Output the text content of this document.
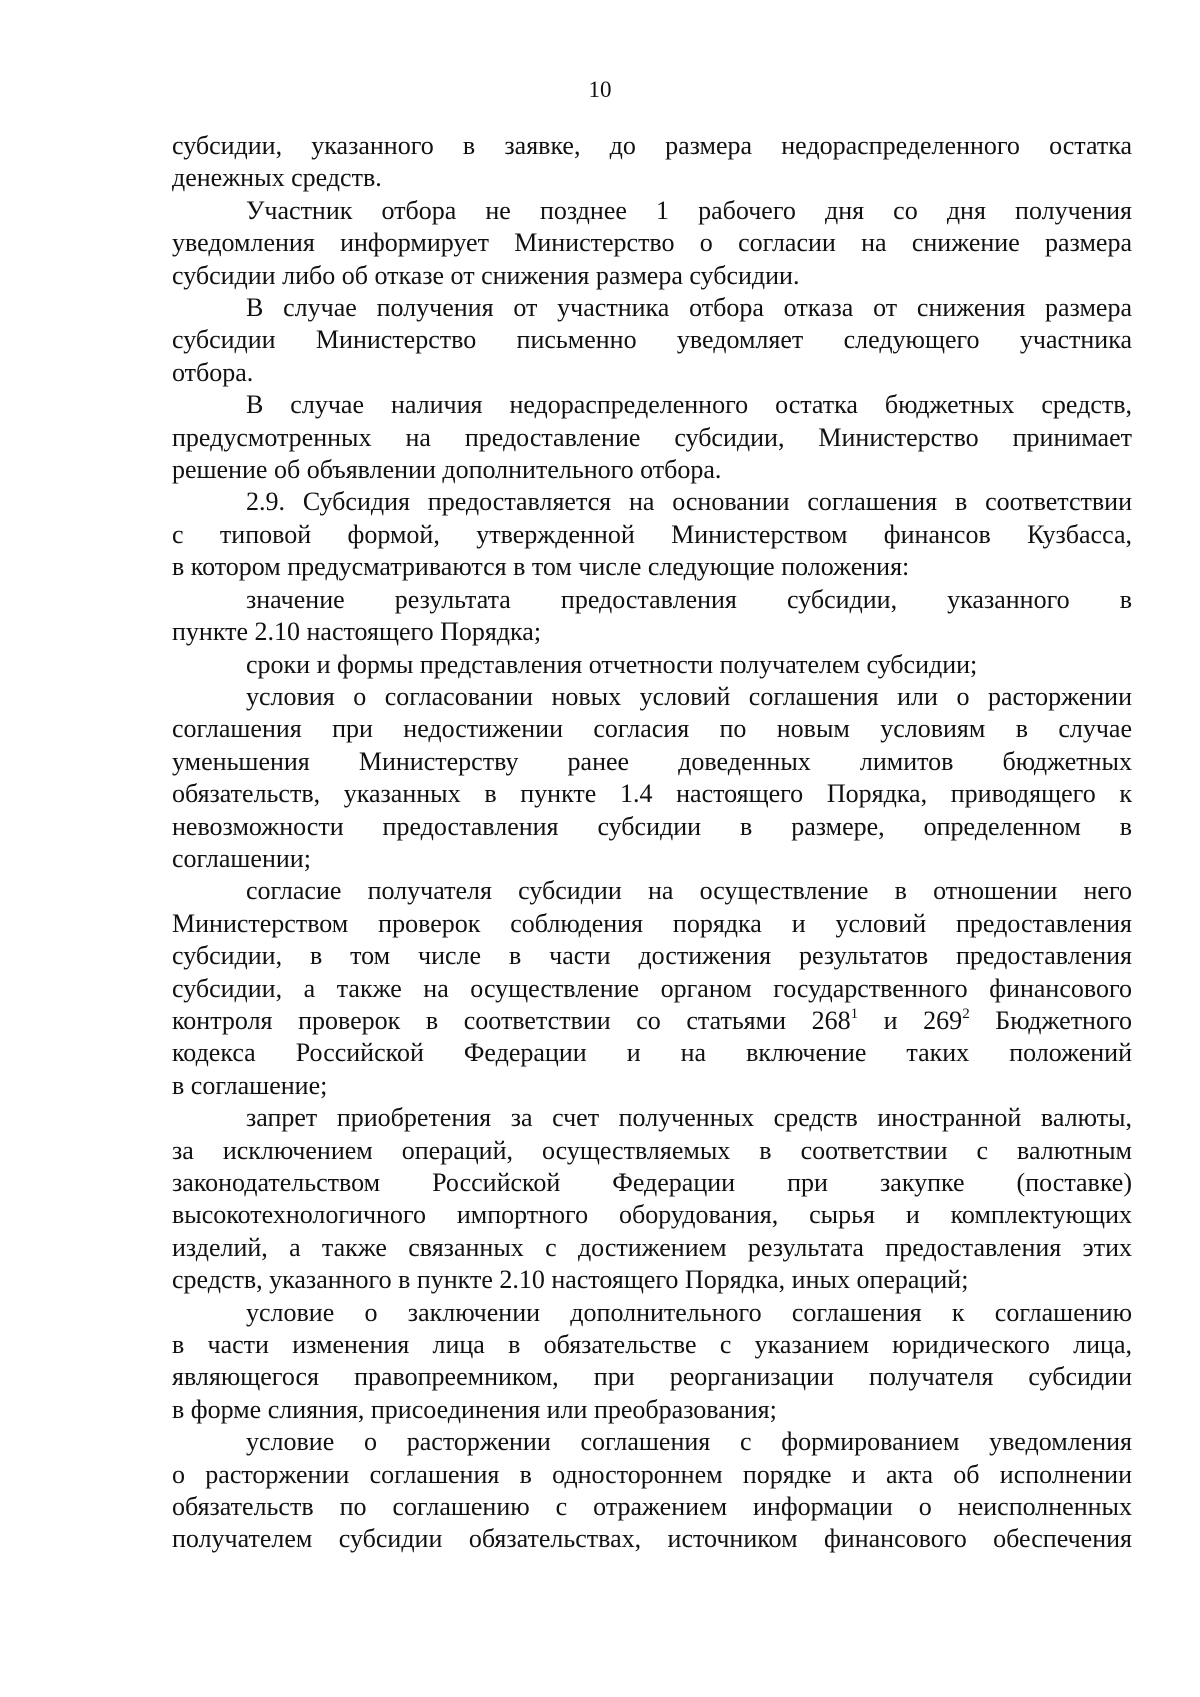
10
субсидии, указанного в заявке, до размера недораспределенного остатка
денежных средств.
Участник отбора не позднее 1 рабочего дня со дня получения
уведомления информирует Министерство о согласии на снижение размера
субсидии либо об отказе от снижения размера субсидии.
В случае получения от участника отбора отказа от снижения размера
субсидии Министерство письменно уведомляет следующего участника
отбора.
В случае наличия недораспределенного остатка бюджетных средств,
предусмотренных на предоставление субсидии, Министерство принимает
решение об объявлении дополнительного отбора.
2.9. Субсидия предоставляется на основании соглашения в соответствии
с типовой формой, утвержденной Министерством финансов Кузбасса,
в котором предусматриваются в том числе следующие положения:
значение результата предоставления субсидии, указанного в
пункте 2.10 настоящего Порядка;
сроки и формы представления отчетности получателем субсидии;
условия о согласовании новых условий соглашения или о расторжении
соглашения при недостижении согласия по новым условиям в случае
уменьшения Министерству ранее доведенных лимитов бюджетных
обязательств, указанных в пункте 1.4 настоящего Порядка, приводящего к
невозможности предоставления субсидии в размере, определенном в
соглашении;
согласие получателя субсидии на осуществление в отношении него
Министерством проверок соблюдения порядка и условий предоставления
субсидии, в том числе в части достижения результатов предоставления
субсидии, а также на осуществление органом государственного финансового
контроля проверок в соответствии со статьями $268^1$ и $269^2$ Бюджетного
кодекса Российской Федерации и на включение таких положений
в соглашение;
запрет приобретения за счет полученных средств иностранной валюты,
за исключением операций, осуществляемых в соответствии с валютным
законодательством Российской Федерации при закупке (поставке)
высокотехнологичного импортного оборудования, сырья и комплектующих
изделий, а также связанных с достижением результата предоставления этих
средств, указанного в пункте 2.10 настоящего Порядка, иных операций;
условие о заключении дополнительного соглашения к соглашению
в части изменения лица в обязательстве с указанием юридического лица,
являющегося правопреемником, при реорганизации получателя субсидии
в форме слияния, присоединения или преобразования;
условие о расторжении соглашения с формированием уведомления
о расторжении соглашения в одностороннем порядке и акта об исполнении
обязательств по соглашению с отражением информации о неисполненных
получателем субсидии обязательствах, источником финансового обеспечения
